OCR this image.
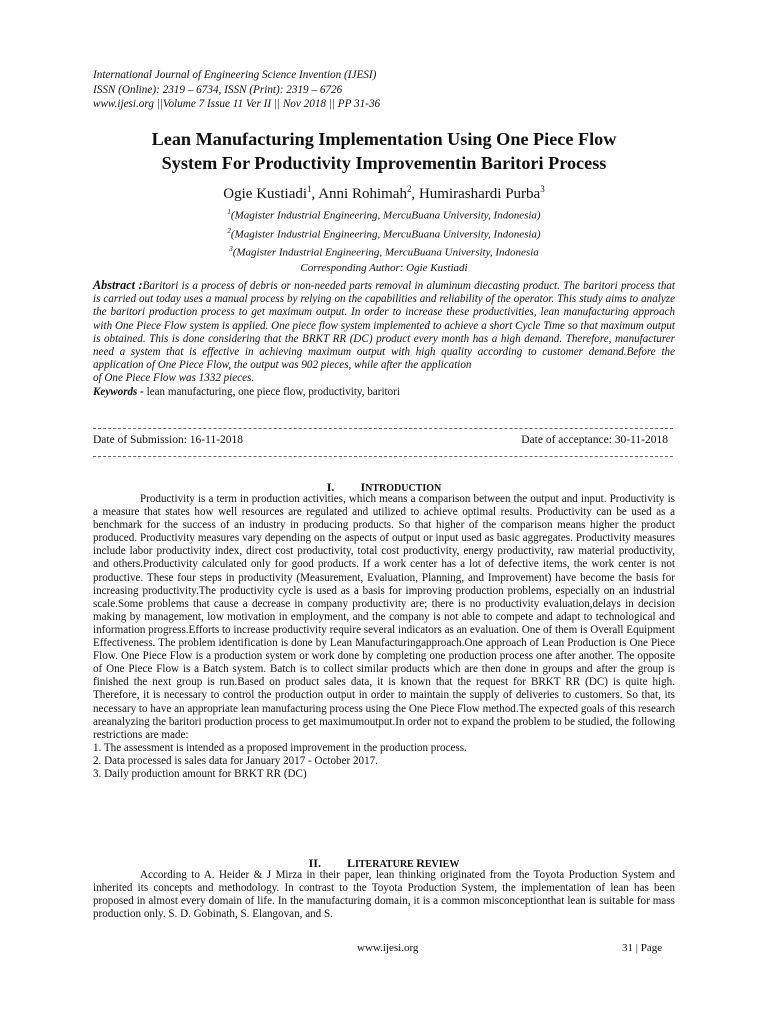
International Journal of Engineering Science Invention (IJESI)
ISSN (Online): 2319 – 6734, ISSN (Print): 2319 – 6726
www.ijesi.org ||Volume 7 Issue 11 Ver II || Nov 2018 || PP 31-36
Lean Manufacturing Implementation Using One Piece Flow
System For Productivity Improvementin Baritori Process
Ogie Kustiadi$^1$, Anni Rohimah$^2$, Humirashardi Purba$^3$
$^1$(Magister Industrial Engineering, MercuBuana University, Indonesia)
$^2$(Magister Industrial Engineering, MercuBuana University, Indonesia)
$^3$(Magister Industrial Engineering, MercuBuana University, Indonesia
Corresponding Author: Ogie Kustiadi
Abstract :Baritori is a process of debris or non-needed parts removal in aluminum diecasting product. The baritori process that is carried out today uses a manual process by relying on the capabilities and reliability of the operator. This study aims to analyze the baritori production process to get maximum output. In order to increase these productivities, lean manufacturing approach with One Piece Flow system is applied. One piece flow system implemented to achieve a short Cycle Time so that maximum output is obtained. This is done considering that the BRKT RR (DC) product every month has a high demand. Therefore, manufacturer need a system that is effective in achieving maximum output with high quality according to customer demand.Before the application of One Piece Flow, the output was 902 pieces, while after the application
of One Piece Flow was 1332 pieces.
Keywords - lean manufacturing, one piece flow, productivity, baritori
Date of Submission: 16-11-2018	Date of acceptance: 30-11-2018
I. INTRODUCTION

Productivity is a term in production activities, which means a comparison between the output and input. Productivity is a measure that states how well resources are regulated and utilized to achieve optimal results. Productivity can be used as a benchmark for the success of an industry in producing products. So that higher of the comparison means higher the product produced. Productivity measures vary depending on the aspects of output or input used as basic aggregates. Productivity measures include labor productivity index, direct cost productivity, total cost productivity, energy productivity, raw material productivity, and others.Productivity calculated only for good products. If a work center has a lot of defective items, the work center is not productive. These four steps in productivity (Measurement, Evaluation, Planning, and Improvement) have become the basis for increasing productivity.The productivity cycle is used as a basis for improving production problems, especially on an industrial scale.Some problems that cause a decrease in company productivity are; there is no productivity evaluation,delays in decision making by management, low motivation in employment, and the company is not able to compete and adapt to technological and information progress.Efforts to increase productivity require several indicators as an evaluation. One of them is Overall Equipment Effectiveness. The problem identification is done by Lean Manufacturingapproach.One approach of Lean Production is One Piece Flow. One Piece Flow is a production system or work done by completing one production process one after another. The opposite of One Piece Flow is a Batch system. Batch is to collect similar products which are then done in groups and after the group is finished the next group is run.Based on product sales data, it is known that the request for BRKT RR (DC) is quite high. Therefore, it is necessary to control the production output in order to maintain the supply of deliveries to customers. So that, its necessary to have an appropriate lean manufacturing process using the One Piece Flow method.The expected goals of this research areanalyzing the baritori production process to get maximumoutput.In order not to expand the problem to be studied, the following restrictions are made:

1. The assessment is intended as a proposed improvement in the production process.
2. Data processed is sales data for January 2017 - October 2017.
3. Daily production amount for BRKT RR (DC)
II. LITERATURE REVIEW

According to A. Heider & J Mirza in their paper, lean thinking originated from the Toyota Production System and inherited its concepts and methodology. In contrast to the Toyota Production System, the implementation of lean has been proposed in almost every domain of life. In the manufacturing domain, it is a common misconceptionthat lean is suitable for mass production only. S. D. Gobinath, S. Elangovan, and S.

www.ijesi.org	31 | Page
